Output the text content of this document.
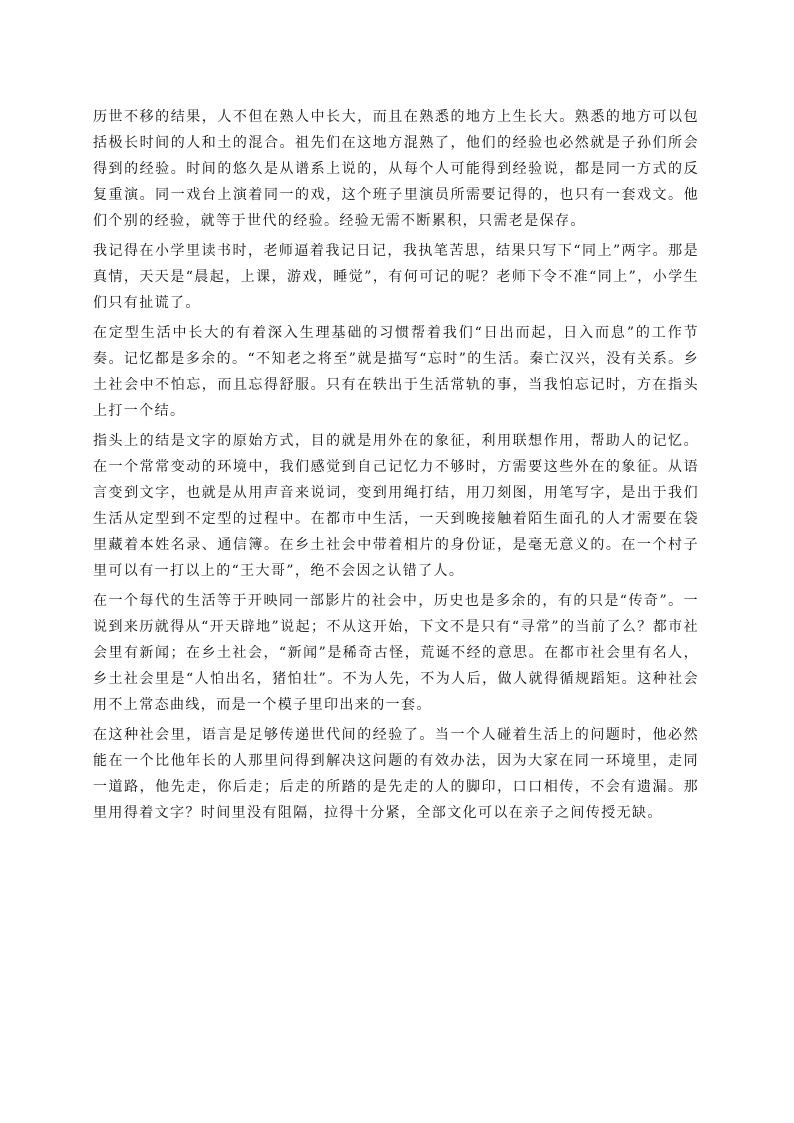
历世不移的结果，人不但在熟人中长大，而且在熟悉的地方上生长大。熟悉的地方可以包括极长时间的人和土的混合。祖先们在这地方混熟了，他们的经验也必然就是子孙们所会得到的经验。时间的悠久是从谱系上说的，从每个人可能得到经验说，都是同一方式的反复重演。同一戏台上演着同一的戏，这个班子里演员所需要记得的，也只有一套戏文。他们个别的经验，就等于世代的经验。经验无需不断累积，只需老是保存。

我记得在小学里读书时，老师逼着我记日记，我执笔苦思，结果只写下“同上”两字。那是真情，天天是“晨起，上课，游戏，睡觉”，有何可记的呢？老师下令不准“同上”，小学生们只有扯谎了。

在定型生活中长大的有着深入生理基础的习惯帮着我们“日出而起，日入而息”的工作节奏。记忆都是多余的。“不知老之将至”就是描写“忘时”的生活。秦亡汉兴，没有关系。乡土社会中不怕忘，而且忘得舒服。只有在轶出于生活常轨的事，当我怕忘记时，方在指头上打一个结。

指头上的结是文字的原始方式，目的就是用外在的象征，利用联想作用，帮助人的记忆。在一个常常变动的环境中，我们感觉到自己记忆力不够时，方需要这些外在的象征。从语言变到文字，也就是从用声音来说词，变到用绳打结，用刀刻图，用笔写字，是出于我们生活从定型到不定型的过程中。在都市中生活，一天到晚接触着陌生面孔的人才需要在袋里藏着本姓名录、通信簿。在乡土社会中带着相片的身份证，是毫无意义的。在一个村子里可以有一打以上的“王大哥”，绝不会因之认错了人。

在一个每代的生活等于开映同一部影片的社会中，历史也是多余的，有的只是“传奇”。一说到来历就得从“开天辟地”说起；不从这开始，下文不是只有“寻常”的当前了么？都市社会里有新闻；在乡土社会，“新闻”是稀奇古怪，荒诞不经的意思。在都市社会里有名人，乡土社会里是“人怕出名，猪怕壮”。不为人先，不为人后，做人就得循规蹈矩。这种社会用不上常态曲线，而是一个模子里印出来的一套。

在这种社会里，语言是足够传递世代间的经验了。当一个人碰着生活上的问题时，他必然能在一个比他年长的人那里问得到解决这问题的有效办法，因为大家在同一环境里，走同一道路，他先走，你后走；后走的所踏的是先走的人的脚印，口口相传，不会有遗漏。那里用得着文字？时间里没有阻隔，拉得十分紧，全部文化可以在亲子之间传授无缺。
